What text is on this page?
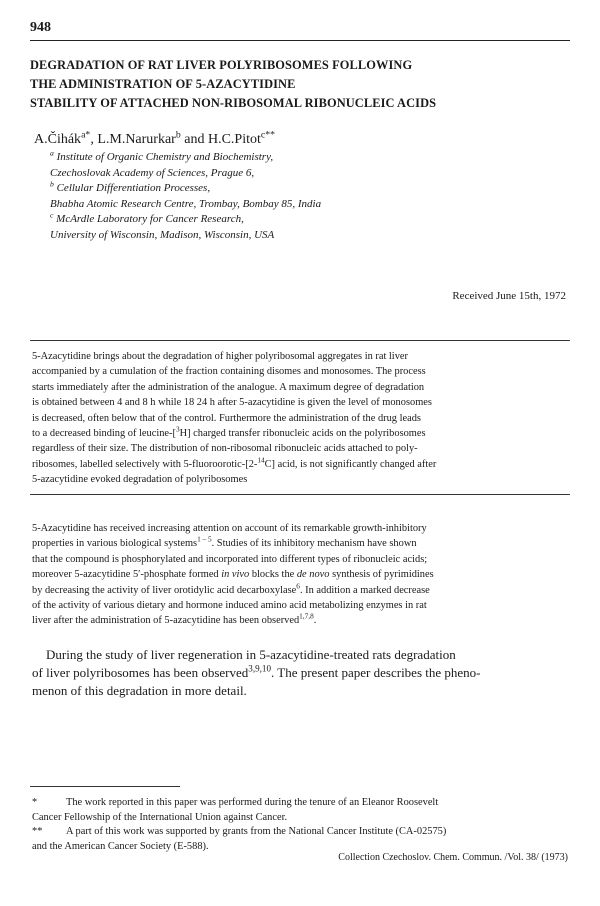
948
DEGRADATION OF RAT LIVER POLYRIBOSOMES FOLLOWING
THE ADMINISTRATION OF 5-AZACYTIDINE
STABILITY OF ATTACHED NON-RIBOSOMAL RIBONUCLEIC ACIDS
A.Čihák$^{a*}$, L.M.Narurkar$^b$ and H.C.Pitot$^{c**}$
$^a$ Institute of Organic Chemistry and Biochemistry,
Czechoslovak Academy of Sciences, Prague 6,
$^b$ Cellular Differentiation Processes,
Bhabha Atomic Research Centre, Trombay, Bombay 85, India
$^c$ McArdle Laboratory for Cancer Research,
University of Wisconsin, Madison, Wisconsin, USA
Received June 15th, 1972
5-Azacytidine brings about the degradation of higher polyribosomal aggregates in rat liver
accompanied by a cumulation of the fraction containing disomes and monosomes. The process
starts immediately after the administration of the analogue. A maximum degree of degradation
is obtained between 4 and 8 h while 18 24 h after 5-azacytidine is given the level of monosomes
is decreased, often below that of the control. Furthermore the administration of the drug leads
to a decreased binding of leucine-[$^3$H] charged transfer ribonucleic acids on the polyribosomes
regardless of their size. The distribution of non-ribosomal ribonucleic acids attached to poly-
ribosomes, labelled selectively with 5-fluoroorotic-[2-$^{14}$C] acid, is not significantly changed after
5-azacytidine evoked degradation of polyribosomes
5-Azacytidine has received increasing attention on account of its remarkable growth-inhibitory
properties in various biological systems$^{1 - 5}$. Studies of its inhibitory mechanism have shown
that the compound is phosphorylated and incorporated into different types of ribonucleic acids;
moreover 5-azacytidine 5′-phosphate formed in vivo blocks the de novo synthesis of pyrimidines
by decreasing the activity of liver orotidylic acid decarboxylase$^6$. In addition a marked decrease
of the activity of various dietary and hormone induced amino acid metabolizing enzymes in rat
liver after the administration of 5-azacytidine has been observed$^{1,7,8}$.
During the study of liver regeneration in 5-azacytidine-treated rats degradation
of liver polyribosomes has been observed$^{3,9,10}$. The present paper describes the pheno-
menon of this degradation in more detail.
*	The work reported in this paper was performed during the tenure of an Eleanor Roosevelt
Cancer Fellowship of the International Union against Cancer.
** A part of this work was supported by grants from the National Cancer Institute (CA-02575)
and the American Cancer Society (E-588).
Collection Czechoslov. Chem. Commun. /Vol. 38/ (1973)
